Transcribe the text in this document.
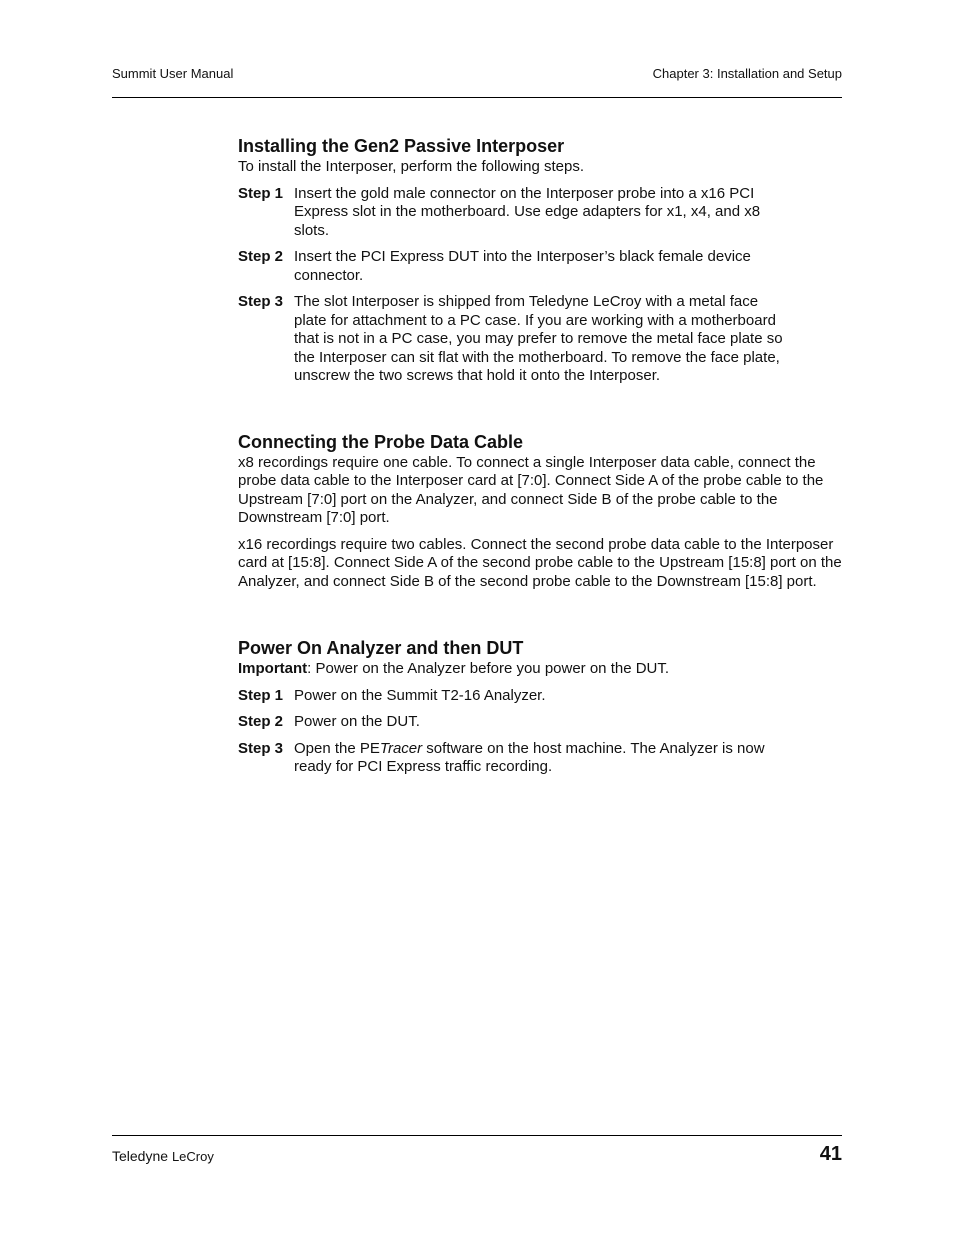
Summit User Manual	Chapter 3: Installation and Setup
Installing the Gen2 Passive Interposer

To install the Interposer, perform the following steps.

Step 1 Insert the gold male connector on the Interposer probe into a x16 PCI Express slot in the motherboard. Use edge adapters for x1, x4, and x8 slots.
Step 2 Insert the PCI Express DUT into the Interposer’s black female device connector.
Step 3 The slot Interposer is shipped from Teledyne LeCroy with a metal face plate for attachment to a PC case. If you are working with a motherboard that is not in a PC case, you may prefer to remove the metal face plate so the Interposer can sit flat with the motherboard. To remove the face plate, unscrew the two screws that hold it onto the Interposer.
Connecting the Probe Data Cable

x8 recordings require one cable. To connect a single Interposer data cable, connect the probe data cable to the Interposer card at [7:0]. Connect Side A of the probe cable to the Upstream [7:0] port on the Analyzer, and connect Side B of the probe cable to the Downstream [7:0] port.

x16 recordings require two cables. Connect the second probe data cable to the Interposer card at [15:8]. Connect Side A of the second probe cable to the Upstream [15:8] port on the Analyzer, and connect Side B of the second probe cable to the Downstream [15:8] port.

Power On Analyzer and then DUT

Important: Power on the Analyzer before you power on the DUT.

Step 1 Power on the Summit T2-16 Analyzer.
Step 2 Power on the DUT.
Step 3 Open the PETracer software on the host machine. The Analyzer is now ready for PCI Express traffic recording.
Teledyne LeCroy	41
